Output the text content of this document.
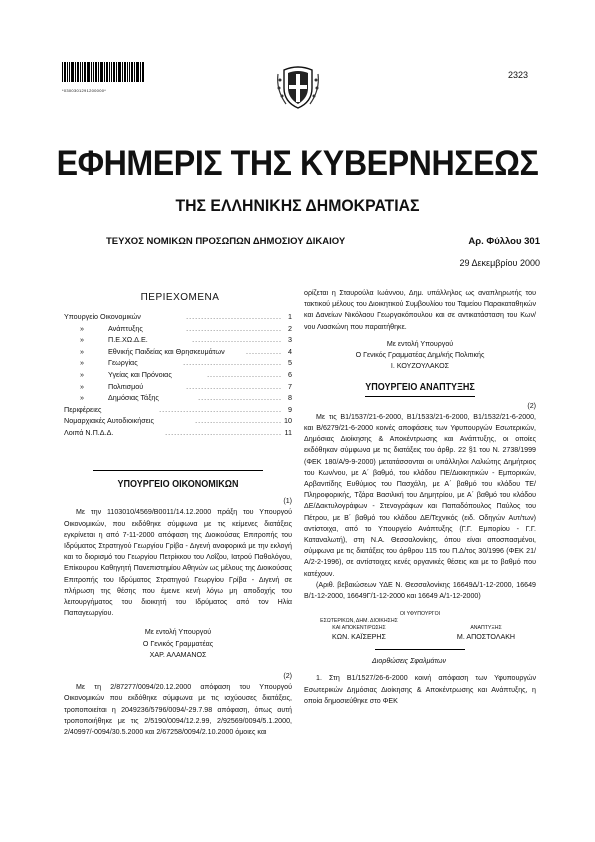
*0300301291200000*
2323
ΕΦΗΜΕΡΙΣ ΤΗΣ ΚΥΒΕΡΝΗΣΕΩΣ
ΤΗΣ ΕΛΛΗΝΙΚΗΣ ΔΗΜΟΚΡΑΤΙΑΣ
ΤΕΥΧΟΣ ΝΟΜΙΚΩΝ ΠΡΟΣΩΠΩΝ ΔΗΜΟΣΙΟΥ ΔΙΚΑΙΟΥ	Αρ. Φύλλου 301
29 Δεκεμβρίου 2000
ΠΕΡΙΕΧΟΜΕΝΑ
Υπουργείο Οικονομικών	................................ 1
»	Ανάπτυξης	................................ 2
»	Π.Ε.ΧΩ.Δ.Ε.	.............................. 3
»	Εθνικής Παιδείας και Θρησκευμάτων	............ 4
»	Γεωργίας	................................. 5
»	Υγείας και Πρόνοιας	......................... 6
»	Πολιτισμού	................................ 7
»	Δημόσιας Τάξης	............................ 8
Περιφέρειες	......................................... 9
Νομαρχιακές Αυτοδιοικήσεις	............................. 10
Λοιπά Ν.Π.Δ.Δ.	....................................... 11
ΥΠΟΥΡΓΕΙΟ ΟΙΚΟΝΟΜΙΚΩΝ
(1)

Με την 1103010/4569/Β0011/14.12.2000 πράξη του Υπουργού Οικονομικών, που εκδόθηκε σύμφωνα με τις κείμενες διατάξεις εγκρίνεται η από 7-11-2000 απόφαση της Διοικούσας Επιτροπής του Ιδρύματος Στρατηγού Γεωργίου Γρίβα - Διγενή αναφορικά με την εκλογή και το διορισμό του Γεωργίου Πετρίκκου του Λοΐζου, Ιατρού Παθολόγου, Επίκουρου Καθηγητή Πανεπιστημίου Αθηνών ως μέλους της Διοικούσας Επιτροπής του Ιδρύματος Στρατηγού Γεωργίου Γρίβα - Διγενή σε πλήρωση της θέσης που έμεινε κενή λόγω μη αποδοχής του λειτουργήματος του διοικητή του Ιδρύματος από τον Ηλία Παπαγεωργίου.

Με εντολή Υπουργού
Ο Γενικός Γραμματέας
ΧΑΡ. ΑΛΑΜΑΝΟΣ
(2)

Με τη 2/87277/0094/20.12.2000 απόφαση του Υπουργού Οικονομικών που εκδόθηκε σύμφωνα με τις ισχύουσες διατάξεις, τροποποιείται η 2049236/5796/0094/-29.7.98 απόφαση, όπως αυτή τροποποιήθηκε με τις 2/5190/0094/12.2.99, 2/92569/0094/5.1.2000, 2/40997/-0094/30.5.2000 και 2/67258/0094/2.10.2000 όμοιες και

ορίζεται η Σταυρούλα Ιωάννου, Δημ. υπάλληλος ως αναπληρωτής του τακτικού μέλους του Διοικητικού Συμβουλίου του Ταμείου Παρακαταθηκών και Δανείων Νικόλαου Γεωργακόπουλου και σε αντικατάσταση του Κων/νου Λιασκώνη που παραιτήθηκε.

Με εντολή Υπουργού
Ο Γενικός Γραμματέας Δημ/κής Πολιτικής
Ι. ΚΟΥΖΟΥΛΑΚΟΣ
ΥΠΟΥΡΓΕΙΟ ΑΝΑΠΤΥΞΗΣ
(2)

Με τις Β1/1537/21-6-2000, Β1/1533/21-6-2000, Β1/1532/21-6-2000, και Β/6279/21-6-2000 κοινές αποφάσεις των Υφυπουργών Εσωτερικών, Δημόσιας Διοίκησης & Αποκέντρωσης και Ανάπτυξης, οι οποίες εκδόθηκαν σύμφωνα με τις διατάξεις του άρθρ. 22 §1 του Ν. 2738/1999 (ΦΕΚ 180/Α/9-9-2000) μετατάσσονται οι υπάλληλοι Λαλιώτης Δημήτριος του Κων/νου, με Α΄ βαθμό, του κλάδου ΠΕ/Διοικητικών - Εμπορικών, Αρβανιτίδης Ευθύμιος του Πασχάλη, με Α΄ βαθμό του κλάδου ΤΕ/Πληροφορικής, Τζάρα Βασιλική του Δημητρίου, με Α΄ βαθμό του κλάδου ΔΕ/Δακτυλογράφων - Στενογράφων και Παπαδόπουλος Παύλος του Πέτρου, με Β΄ βαθμό του κλάδου ΔΕ/Τεχνικός (ειδ. Οδηγών Αυτ/των) αντίστοιχα, από το Υπουργείο Ανάπτυξης (Γ.Γ. Εμπορίου - Γ.Γ. Καταναλωτή), στη Ν.Α. Θεσσαλονίκης, όπου είναι αποσπασμένοι, σύμφωνα με τις διατάξεις του άρθρου 115 του Π.Δ/τος 30/1996 (ΦΕΚ 21/Α/2-2-1996), σε αντίστοιχες κενές οργανικές θέσεις και με το βαθμό που κατέχουν.

(Αριθ. βεβαιώσεων ΥΔΕ Ν. Θεσσαλονίκης 16649Δ/1-12-2000, 16649 Β/1-12-2000, 16649Γ/1-12-2000 και 16649 Α/1-12-2000)

ΟΙ ΥΦΥΠΟΥΡΓΟΙ
ΕΣΩΤΕΡΙΚΩΝ, ΔΗΜ. ΔΙΟΙΚΗΣΗΣ
ΚΑΙ ΑΠΟΚΕΝΤ/ΡΩΣΗΣ	ΑΝΑΠΤΥΞΗΣ
ΚΩΝ. ΚΑΪΣΕΡΗΣ	Μ. ΑΠΟΣΤΟΛΑΚΗ
Διορθώσεις Σφαλμάτων

1. Στη Β1/1527/26-6-2000 κοινή απόφαση των Υφυπουργών Εσωτερικών Δημόσιας Διοίκησης & Αποκέντρωσης και Ανάπτυξης, η οποία δημοσιεύθηκε στο ΦΕΚ
